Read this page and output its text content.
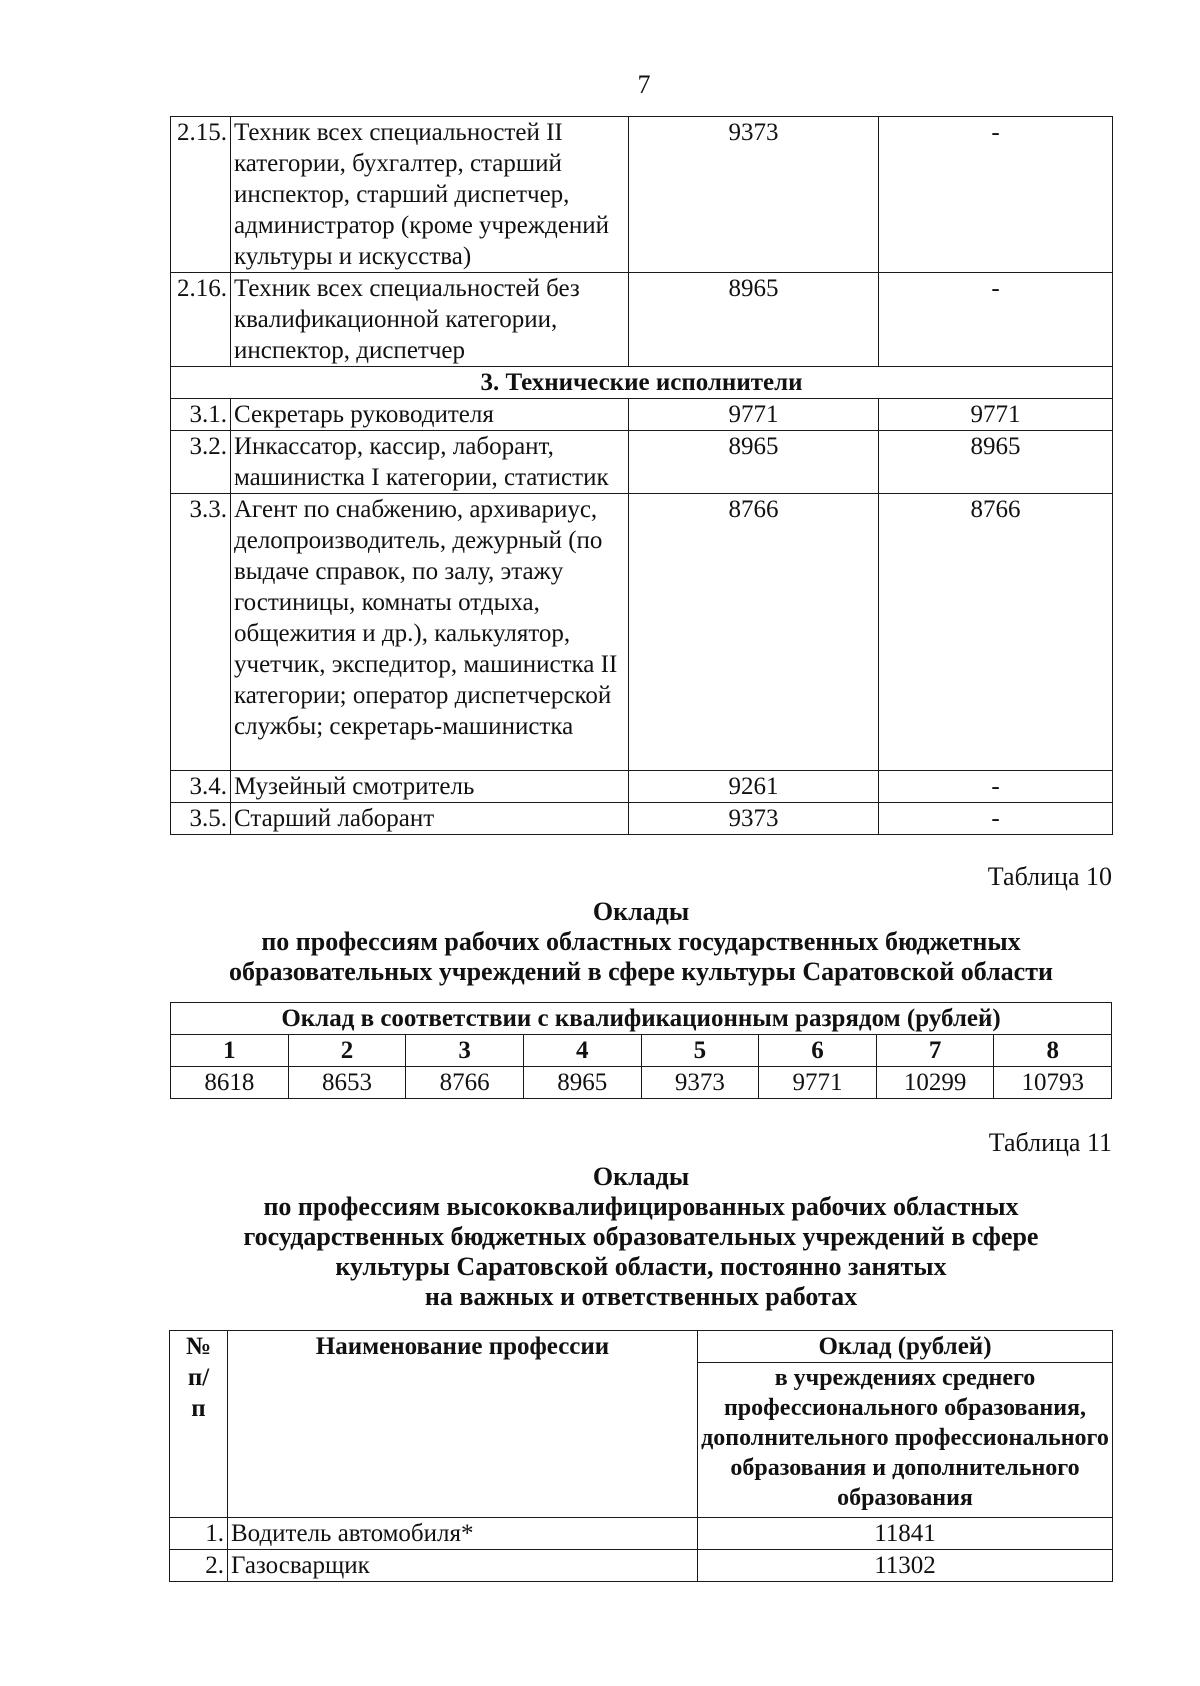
7
2.15.	Техник всех специальностей II категории, бухгалтер, старший инспектор, старший диспетчер, администратор (кроме учреждений культуры и искусства)	9373	-
2.16.	Техник всех специальностей без квалификационной категории, инспектор, диспетчер	8965	-
3. Технические исполнители			
3.1.	Секретарь руководителя	9771	9771
3.2.	Инкассатор, кассир, лаборант, машинистка I категории, статистик	8965	8965
3.3.	Агент по снабжению, архивариус, делопроизводитель, дежурный (по выдаче справок, по залу, этажу гостиницы, комнаты отдыха, общежития и др.), калькулятор, учетчик, экспедитор, машинистка II категории; оператор диспетчерской службы; секретарь-машинистка	8766	8766
3.4.	Музейный смотритель	9261	-
3.5.	Старший лаборант	9373	-
Таблица 10
Оклады
по профессиям рабочих областных государственных бюджетных
образовательных учреждений в сфере культуры Саратовской области
Оклад в соответствии с квалификационным разрядом (рублей)							
1	2	3	4	5	6	7	8
8618	8653	8766	8965	9373	9771	10299	10793
Таблица 11
Оклады
по профессиям высококвалифицированных рабочих областных
государственных бюджетных образовательных учреждений в сфере
культуры Саратовской области, постоянно занятых
на важных и ответственных работах
№ п/п	Наименование профессии	Оклад (рублей)
		в учреждениях среднего профессионального образования, дополнительного профессионального образования и дополнительного образования
1.	Водитель автомобиля*	11841
2.	Газосварщик	11302
